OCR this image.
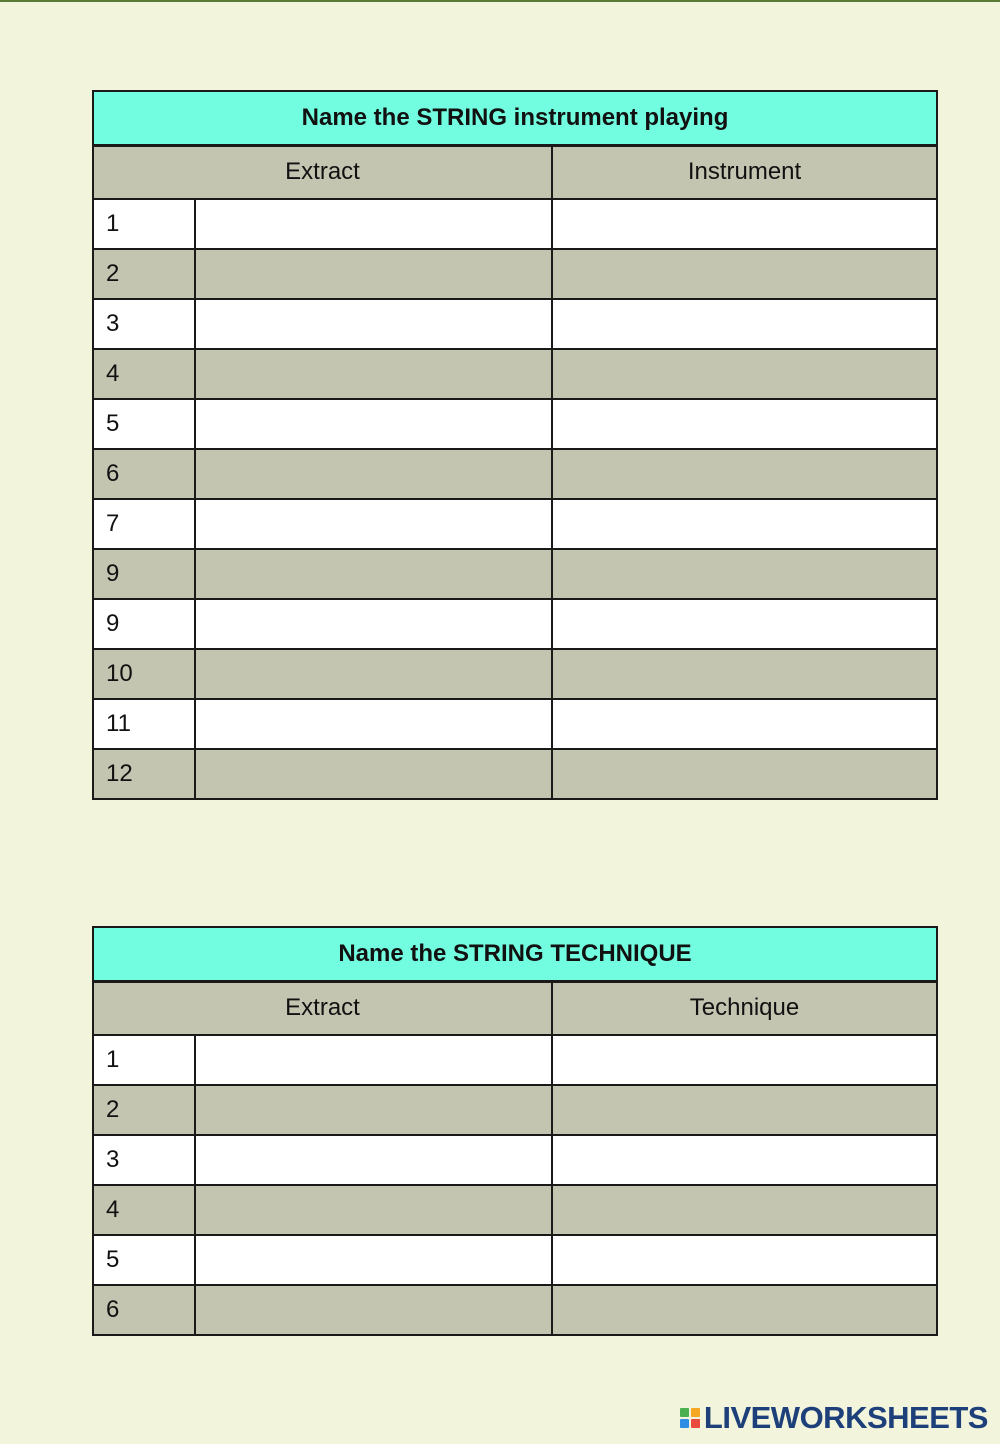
Name the STRING instrument playing		
Extract		Instrument
1		
2		
3		
4		
5		
6		
7		
9		
9		
10		
11		
12		
Name the STRING TECHNIQUE		
Extract		Technique
1		
2		
3		
4		
5		
6		
LIVEWORKSHEETS
